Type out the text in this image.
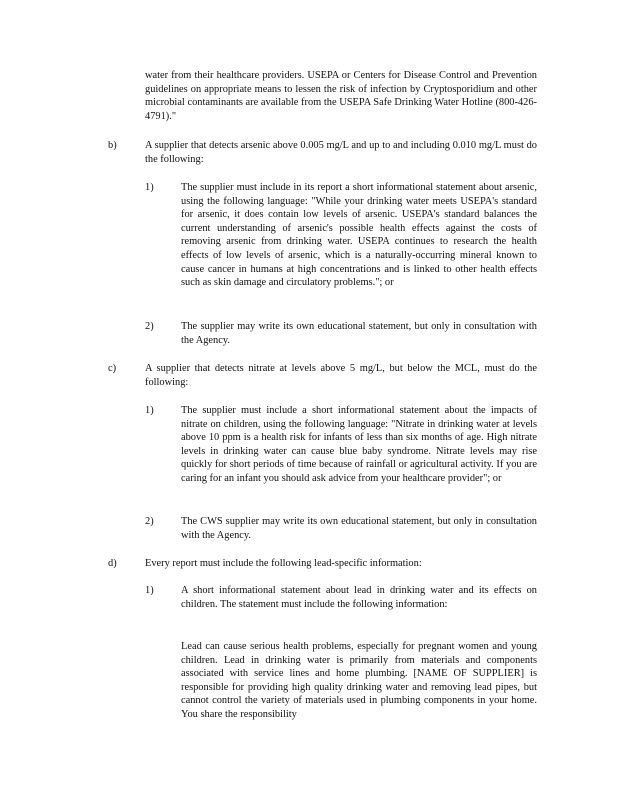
water from their healthcare providers. USEPA or Centers for Disease Control and Prevention guidelines on appropriate means to lessen the risk of infection by Cryptosporidium and other microbial contaminants are available from the USEPA Safe Drinking Water Hotline (800-426-4791)."

b)	A supplier that detects arsenic above 0.005 mg/L and up to and including 0.010 mg/L must do the following:

1)	The supplier must include in its report a short informational statement about arsenic, using the following language: "While your drinking water meets USEPA's standard for arsenic, it does contain low levels of arsenic. USEPA's standard balances the current understanding of arsenic's possible health effects against the costs of removing arsenic from drinking water. USEPA continues to research the health effects of low levels of arsenic, which is a naturally-occurring mineral known to cause cancer in humans at high concentrations and is linked to other health effects such as skin damage and circulatory problems."; or

2)	The supplier may write its own educational statement, but only in consultation with the Agency.

c)	A supplier that detects nitrate at levels above 5 mg/L, but below the MCL, must do the following:

1)	The supplier must include a short informational statement about the impacts of nitrate on children, using the following language: "Nitrate in drinking water at levels above 10 ppm is a health risk for infants of less than six months of age. High nitrate levels in drinking water can cause blue baby syndrome. Nitrate levels may rise quickly for short periods of time because of rainfall or agricultural activity. If you are caring for an infant you should ask advice from your healthcare provider"; or

2)	The CWS supplier may write its own educational statement, but only in consultation with the Agency.

d)	Every report must include the following lead-specific information:

1)	A short informational statement about lead in drinking water and its effects on children. The statement must include the following information:

Lead can cause serious health problems, especially for pregnant women and young children. Lead in drinking water is primarily from materials and components associated with service lines and home plumbing. [NAME OF SUPPLIER] is responsible for providing high quality drinking water and removing lead pipes, but cannot control the variety of materials used in plumbing components in your home. You share the responsibility
